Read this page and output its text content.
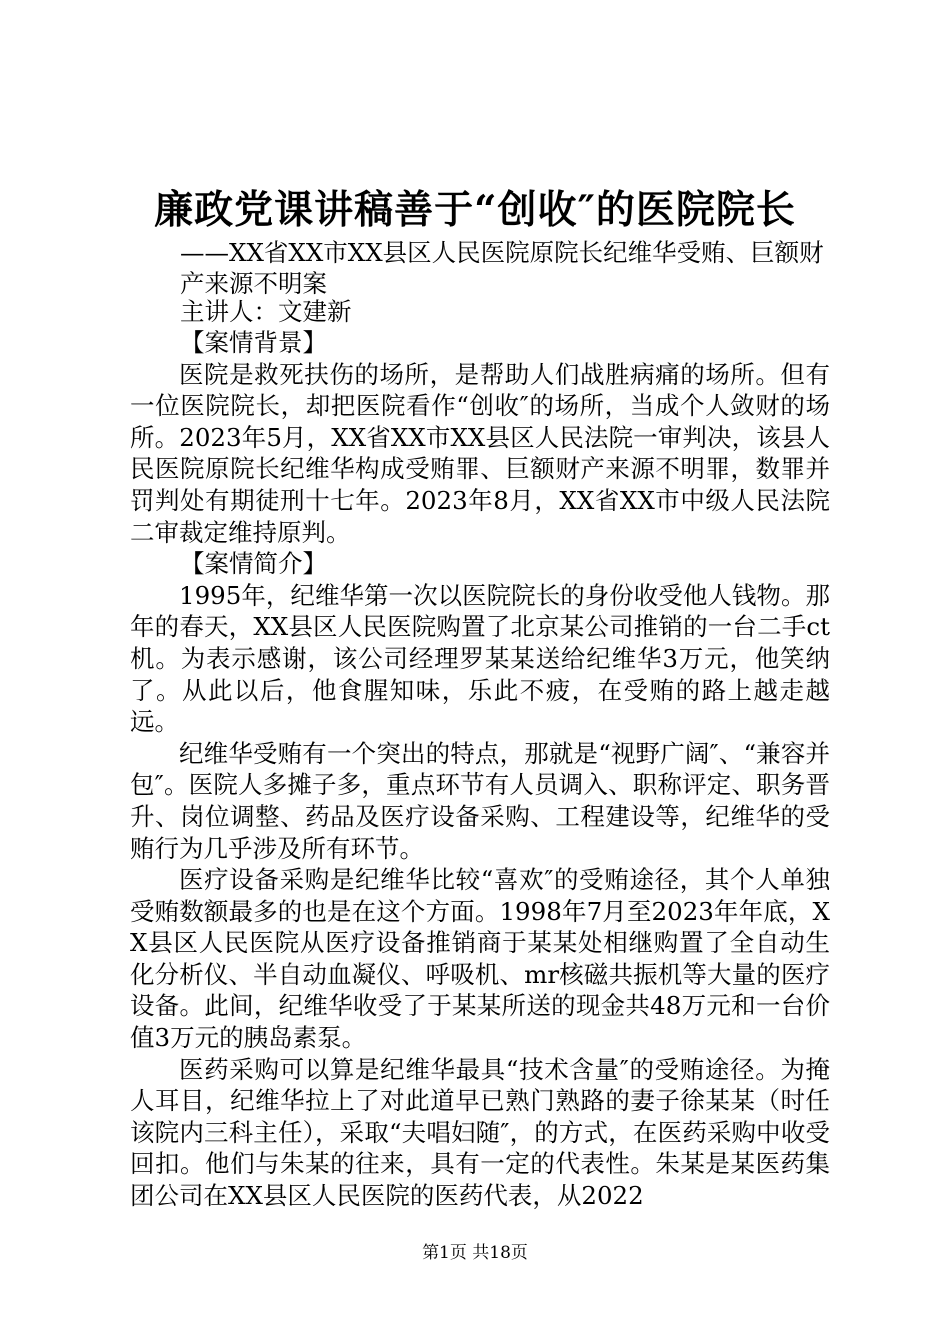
廉政党课讲稿善于“创收″的医院院长
——XX省XX市XX县区人民医院原院长纪维华受贿、巨额财产来源不明案
主讲人：文建新

【案情背景】

医院是救死扶伤的场所，是帮助人们战胜病痛的场所。但有一位医院院长，却把医院看作“创收″的场所，当成个人敛财的场所。2023年5月，XX省XX市XX县区人民法院一审判决，该县人民医院原院长纪维华构成受贿罪、巨额财产来源不明罪，数罪并罚判处有期徒刑十七年。2023年8月，XX省XX市中级人民法院二审裁定维持原判。

【案情简介】

1995年，纪维华第一次以医院院长的身份收受他人钱物。那年的春天，XX县区人民医院购置了北京某公司推销的一台二手ct机。为表示感谢，该公司经理罗某某送给纪维华3万元，他笑纳了。从此以后，他食腥知味，乐此不疲，在受贿的路上越走越远。

纪维华受贿有一个突出的特点，那就是“视野广阔″、“兼容并包″。医院人多摊子多，重点环节有人员调入、职称评定、职务晋升、岗位调整、药品及医疗设备采购、工程建设等，纪维华的受贿行为几乎涉及所有环节。

医疗设备采购是纪维华比较“喜欢″的受贿途径，其个人单独受贿数额最多的也是在这个方面。1998年7月至2023年年底，XX县区人民医院从医疗设备推销商于某某处相继购置了全自动生化分析仪、半自动血凝仪、呼吸机、mr核磁共振机等大量的医疗设备。此间，纪维华收受了于某某所送的现金共48万元和一台价值3万元的胰岛素泵。

医药采购可以算是纪维华最具“技术含量″的受贿途径。为掩人耳目，纪维华拉上了对此道早已熟门熟路的妻子徐某某（时任该院内三科主任），采取“夫唱妇随″，的方式，在医药采购中收受回扣。他们与朱某的往来，具有一定的代表性。朱某是某医药集团公司在XX县区人民医院的医药代表，从2022

第1页 共18页
